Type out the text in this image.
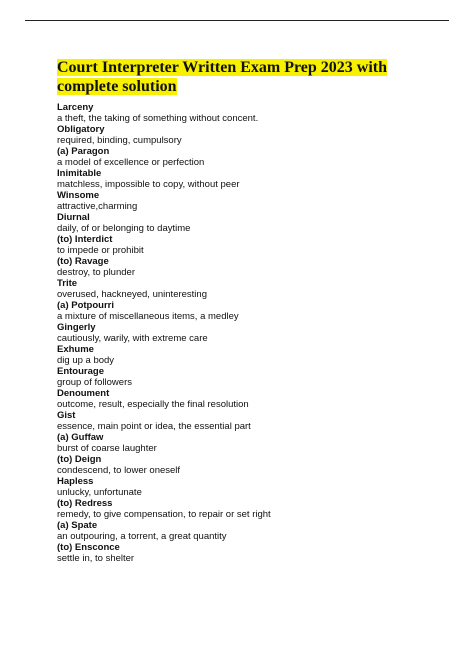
Court Interpreter Written Exam Prep 2023 with complete solution
Larceny
a theft, the taking of something without concent.
Obligatory
required, binding, cumpulsory
(a) Paragon
a model of excellence or perfection
Inimitable
matchless, impossible to copy, without peer
Winsome
attractive,charming
Diurnal
daily, of or belonging to daytime
(to) Interdict
to impede or prohibit
(to) Ravage
destroy, to plunder
Trite
overused, hackneyed, uninteresting
(a) Potpourri
a mixture of miscellaneous items, a medley
Gingerly
cautiously, warily, with extreme care
Exhume
dig up a body
Entourage
group of followers
Denoument
outcome, result, especially the final resolution
Gist
essence, main point or idea, the essential part
(a) Guffaw
burst of coarse laughter
(to) Deign
condescend, to lower oneself
Hapless
unlucky, unfortunate
(to) Redress
remedy, to give compensation, to repair or set right
(a) Spate
an outpouring, a torrent, a great quantity
(to) Ensconce
settle in, to shelter
